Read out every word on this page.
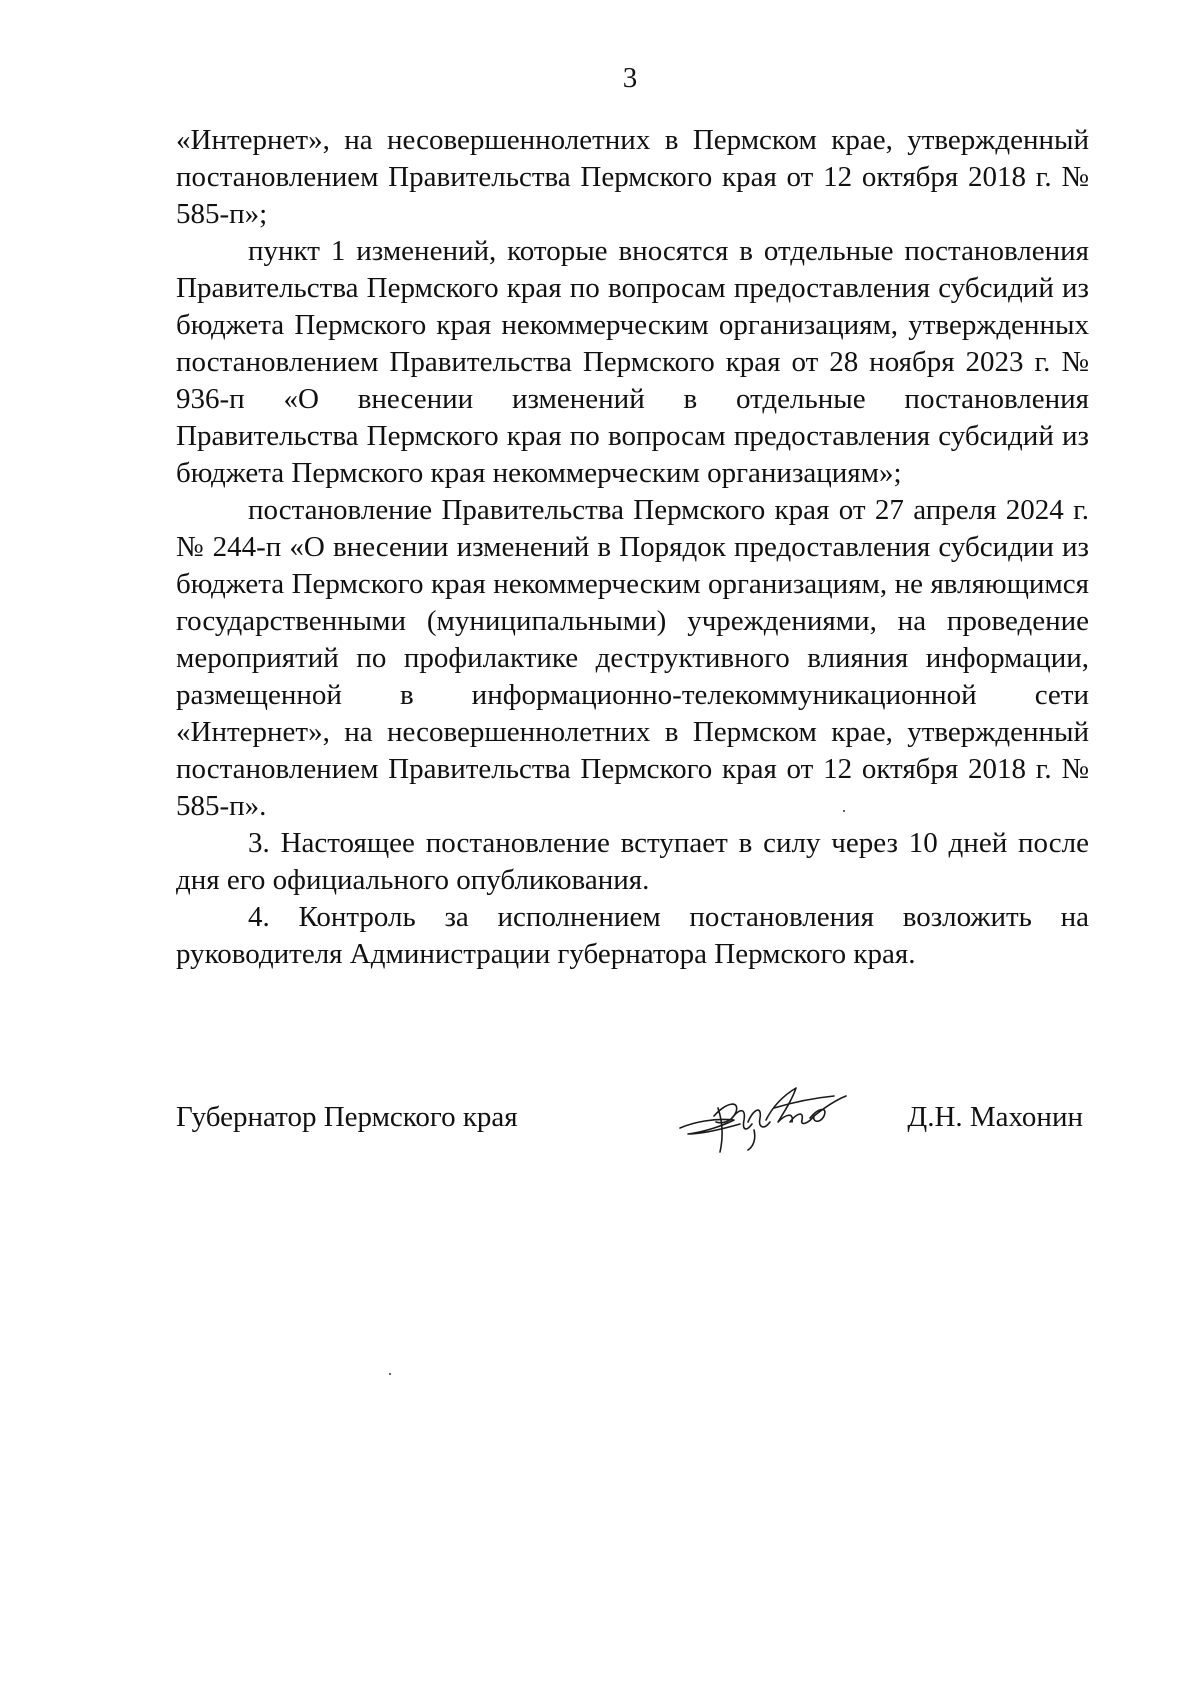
3

«Интернет», на несовершеннолетних в Пермском крае, утвержденный постановлением Правительства Пермского края от 12 октября 2018 г. № 585-п»;

пункт 1 изменений, которые вносятся в отдельные постановления Правительства Пермского края по вопросам предоставления субсидий из бюджета Пермского края некоммерческим организациям, утвержденных постановлением Правительства Пермского края от 28 ноября 2023 г. № 936-п «О внесении изменений в отдельные постановления Правительства Пермского края по вопросам предоставления субсидий из бюджета Пермского края некоммерческим организациям»;

постановление Правительства Пермского края от 27 апреля 2024 г. № 244-п «О внесении изменений в Порядок предоставления субсидии из бюджета Пермского края некоммерческим организациям, не являющимся государственными (муниципальными) учреждениями, на проведение мероприятий по профилактике деструктивного влияния информации, размещенной в информационно-телекоммуникационной сети «Интернет», на несовершеннолетних в Пермском крае, утвержденный постановлением Правительства Пермского края от 12 октября 2018 г. № 585-п».

3. Настоящее постановление вступает в силу через 10 дней после дня его официального опубликования.

4. Контроль за исполнением постановления возложить на руководителя Администрации губернатора Пермского края.

Губернатор Пермского края	Д.Н. Махонин
